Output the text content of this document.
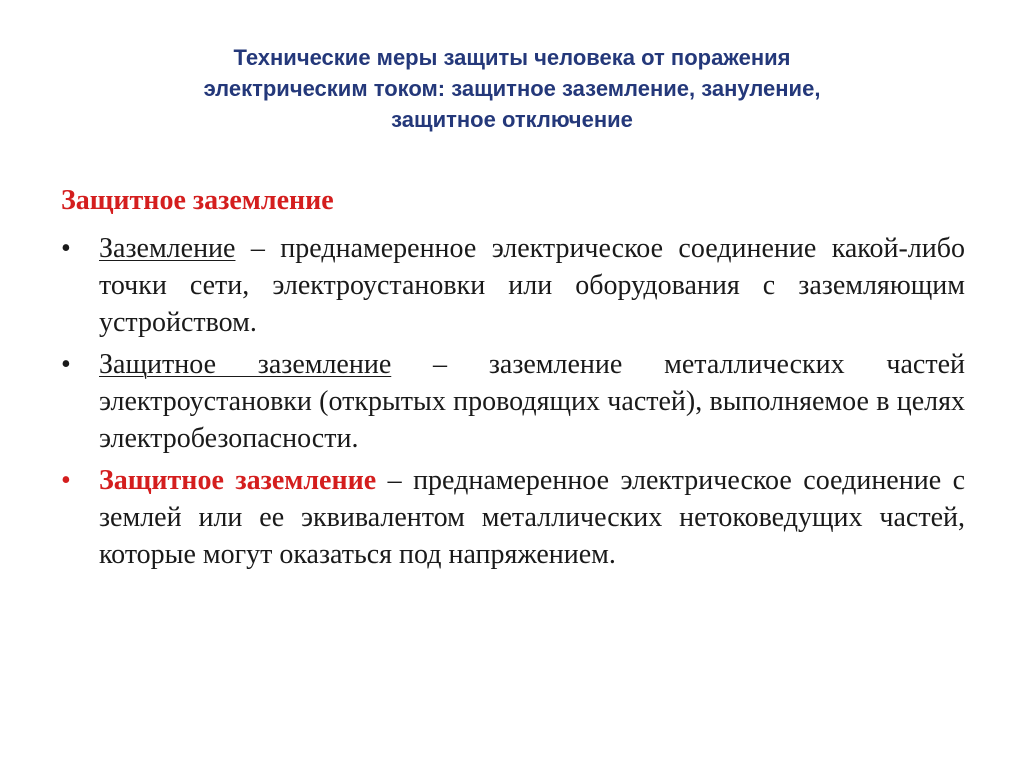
Технические меры защиты человека от поражения
электрическим током: защитное заземление, зануление,
защитное отключение
Защитное заземление
•	Заземление – преднамеренное электрическое соединение какой-либо точки сети, электроустановки или оборудования с заземляющим устройством.
•	Защитное заземление – заземление металлических частей электроустановки (открытых проводящих частей), выполняемое в целях электробезопасности.
•	Защитное заземление – преднамеренное электрическое соединение с землей или ее эквивалентом металлических нетоковедущих частей, которые могут оказаться под напряжением.
